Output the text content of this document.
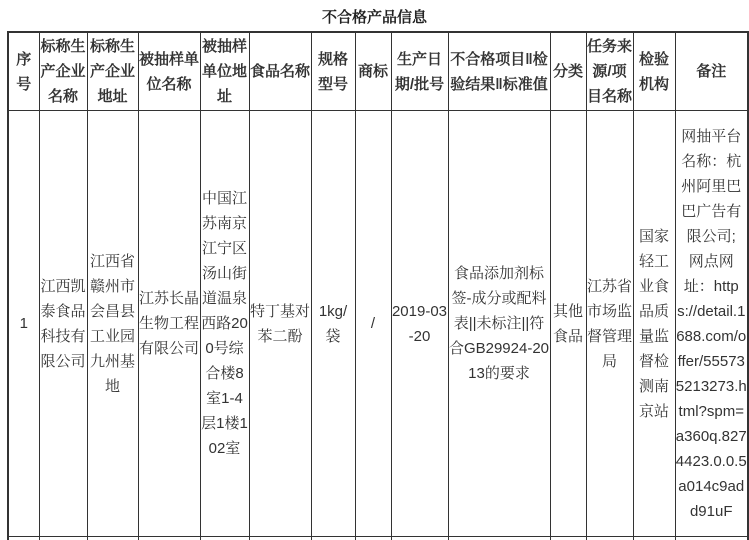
不合格产品信息
序号	标称生产企业名称	标称生产企业地址	被抽样单位名称	被抽样单位地址	食品名称	规格型号	商标	生产日期/批号	不合格项目‖检验结果‖标准值	分类	任务来源/项目名称	检验机构	备注
1	江西凯泰食品科技有限公司	江西省赣州市会昌县工业园九州基地	江苏长晶生物工程有限公司	中国江苏南京江宁区汤山街道温泉西路200号综合楼8室1-4层1楼102室	特丁基对苯二酚	1kg/袋	/	2019-03-20	食品添加剂标签-成分或配料表||未标注||符合GB29924-2013的要求	其他食品	江苏省市场监督管理局	国家轻工业食品质量监督检测南京站	网抽平台名称：杭州阿里巴巴广告有限公司;
网点网址：https://detail.1688.com/offer/555735213273.html?spm=a360q.8274423.0.0.5a014c9add91uF
